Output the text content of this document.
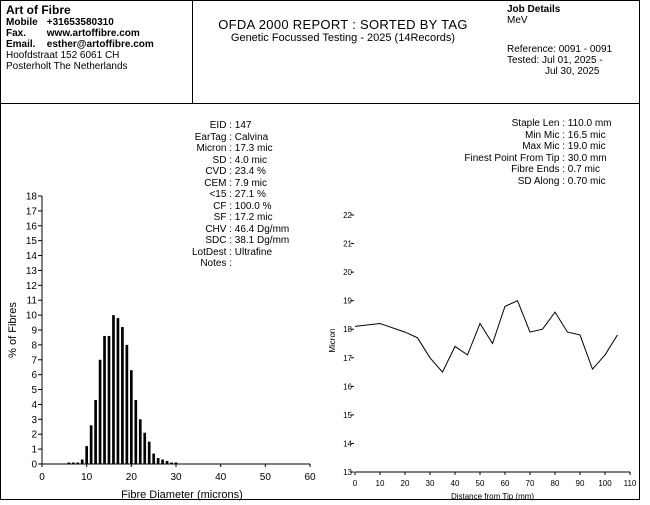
Art of Fibre
Mobile +31653580310
Fax. www.artoffibre.com
Email. esther@artoffibre.com
Hoofdstraat 152 6061 CH
Posterholt The Netherlands
OFDA 2000 REPORT : SORTED BY TAG
Genetic Focussed Testing - 2025 (14Records)
Job Details
MeV
Reference: 0091 - 0091
Tested: Jul 01, 2025 -
Jul 30, 2025
EID : 147
EarTag : Calvina
Micron : 17.3 mic
SD : 4.0 mic
CVD : 23.4 %
CEM : 7.9 mic
<15 : 27.1 %
CF : 100.0 %
SF : 17.2 mic
CHV : 46.4 Dg/mm
SDC : 38.1 Dg/mm
LotDest : Ultrafine
Notes :
Staple Len : 110.0 mm
Min Mic : 16.5 mic
Max Mic : 19.0 mic
Finest Point From Tip : 30.0 mm
Fibre Ends : 0.7 mic
SD Along : 0.70 mic
0
1
2
3
4
5
6
7
8
9
10
11
12
13
14
15
16
17
18
0	10	20	30	40	50	60
Fibre Diameter (microns)
% of Fibres
13
14
15
16
17
18
19
20
21
22
0 10 20 30 40 50 60 70 80 90 100 110
Distance from Tip (mm)
Micron
